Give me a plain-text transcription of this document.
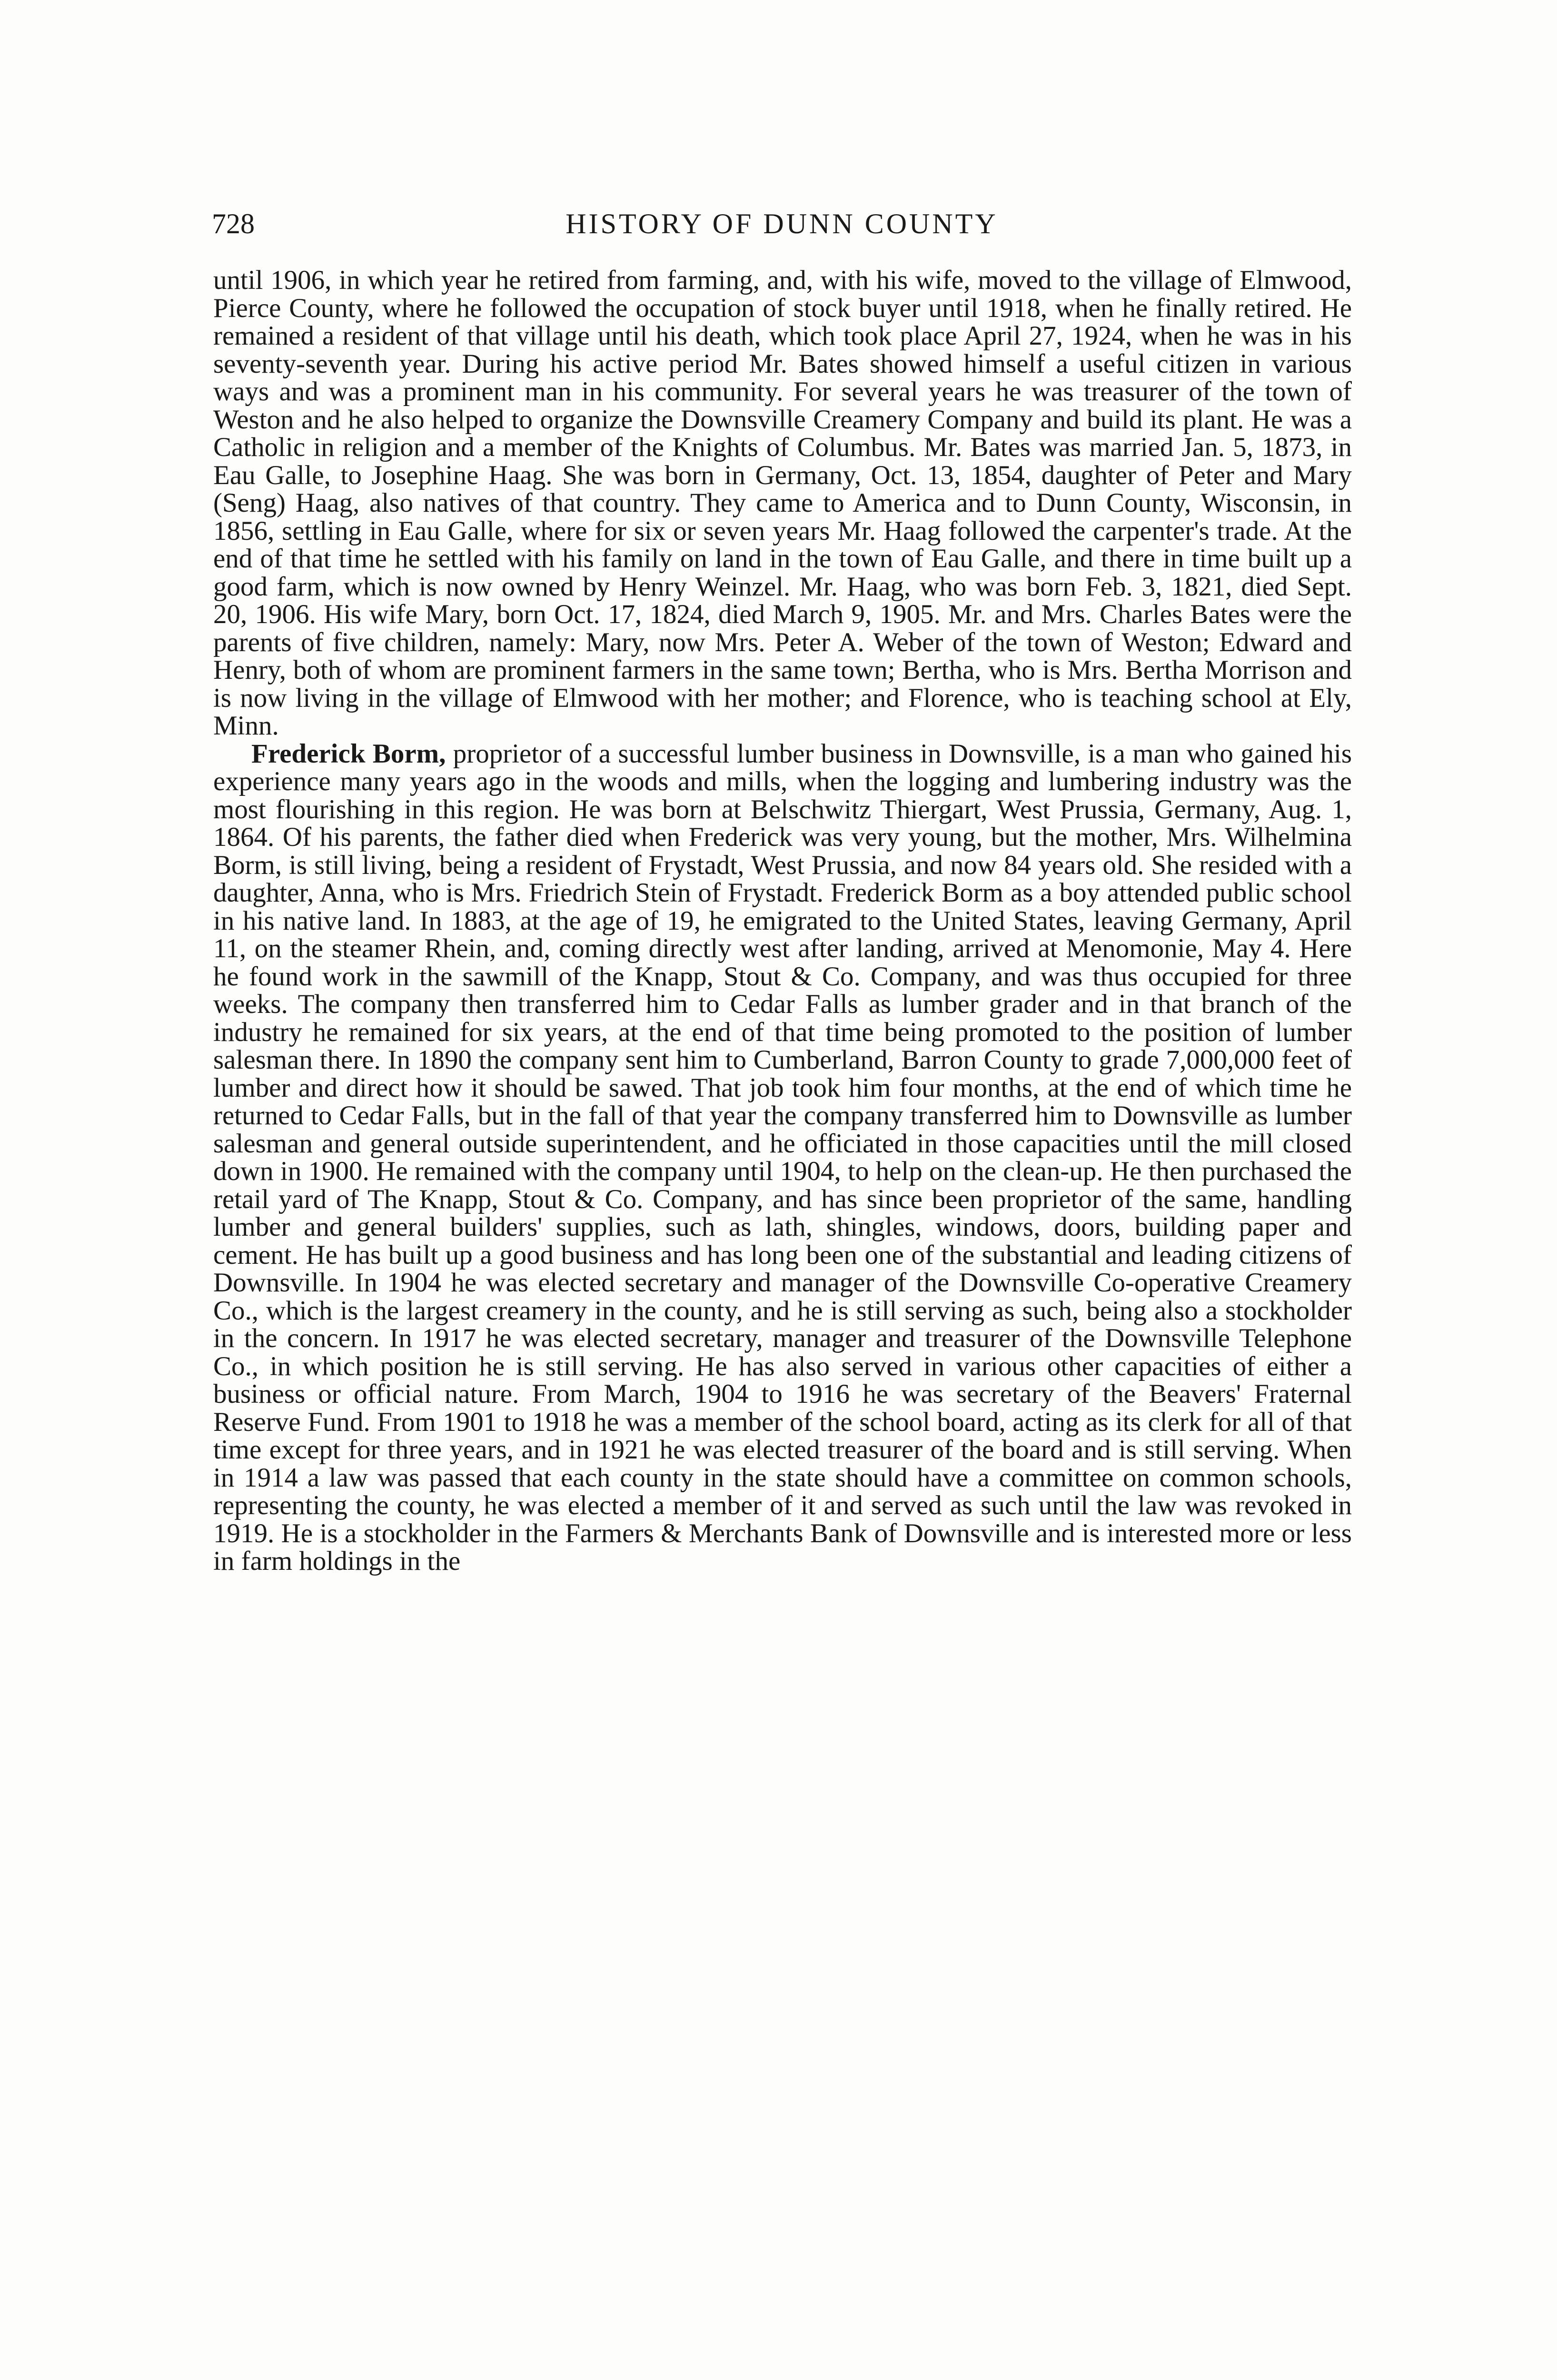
728	HISTORY OF DUNN COUNTY

until 1906, in which year he retired from farming, and, with his wife, moved to the village of Elmwood, Pierce County, where he followed the occupation of stock buyer until 1918, when he finally retired. He remained a resident of that village until his death, which took place April 27, 1924, when he was in his seventy-seventh year. During his active period Mr. Bates showed himself a useful citizen in various ways and was a prominent man in his community. For several years he was treasurer of the town of Weston and he also helped to organize the Downsville Creamery Company and build its plant. He was a Catholic in religion and a member of the Knights of Columbus. Mr. Bates was married Jan. 5, 1873, in Eau Galle, to Josephine Haag. She was born in Germany, Oct. 13, 1854, daughter of Peter and Mary (Seng) Haag, also natives of that country. They came to America and to Dunn County, Wisconsin, in 1856, settling in Eau Galle, where for six or seven years Mr. Haag followed the carpenter's trade. At the end of that time he settled with his family on land in the town of Eau Galle, and there in time built up a good farm, which is now owned by Henry Weinzel. Mr. Haag, who was born Feb. 3, 1821, died Sept. 20, 1906. His wife Mary, born Oct. 17, 1824, died March 9, 1905. Mr. and Mrs. Charles Bates were the parents of five children, namely: Mary, now Mrs. Peter A. Weber of the town of Weston; Edward and Henry, both of whom are prominent farmers in the same town; Bertha, who is Mrs. Bertha Morrison and is now living in the village of Elmwood with her mother; and Florence, who is teaching school at Ely, Minn.

Frederick Borm, proprietor of a successful lumber business in Downsville, is a man who gained his experience many years ago in the woods and mills, when the logging and lumbering industry was the most flourishing in this region. He was born at Belschwitz Thiergart, West Prussia, Germany, Aug. 1, 1864. Of his parents, the father died when Frederick was very young, but the mother, Mrs. Wilhelmina Borm, is still living, being a resident of Frystadt, West Prussia, and now 84 years old. She resided with a daughter, Anna, who is Mrs. Friedrich Stein of Frystadt. Frederick Borm as a boy attended public school in his native land. In 1883, at the age of 19, he emigrated to the United States, leaving Germany, April 11, on the steamer Rhein, and, coming directly west after landing, arrived at Menomonie, May 4. Here he found work in the sawmill of the Knapp, Stout & Co. Company, and was thus occupied for three weeks. The company then transferred him to Cedar Falls as lumber grader and in that branch of the industry he remained for six years, at the end of that time being promoted to the position of lumber salesman there. In 1890 the company sent him to Cumberland, Barron County to grade 7,000,000 feet of lumber and direct how it should be sawed. That job took him four months, at the end of which time he returned to Cedar Falls, but in the fall of that year the company transferred him to Downsville as lumber salesman and general outside superintendent, and he officiated in those capacities until the mill closed down in 1900. He remained with the company until 1904, to help on the clean-up. He then purchased the retail yard of The Knapp, Stout & Co. Company, and has since been proprietor of the same, handling lumber and general builders' supplies, such as lath, shingles, windows, doors, building paper and cement. He has built up a good business and has long been one of the substantial and leading citizens of Downsville. In 1904 he was elected secretary and manager of the Downsville Co-operative Creamery Co., which is the largest creamery in the county, and he is still serving as such, being also a stockholder in the concern. In 1917 he was elected secretary, manager and treasurer of the Downsville Telephone Co., in which position he is still serving. He has also served in various other capacities of either a business or official nature. From March, 1904 to 1916 he was secretary of the Beavers' Fraternal Reserve Fund. From 1901 to 1918 he was a member of the school board, acting as its clerk for all of that time except for three years, and in 1921 he was elected treasurer of the board and is still serving. When in 1914 a law was passed that each county in the state should have a committee on common schools, representing the county, he was elected a member of it and served as such until the law was revoked in 1919. He is a stockholder in the Farmers & Merchants Bank of Downsville and is interested more or less in farm holdings in the
